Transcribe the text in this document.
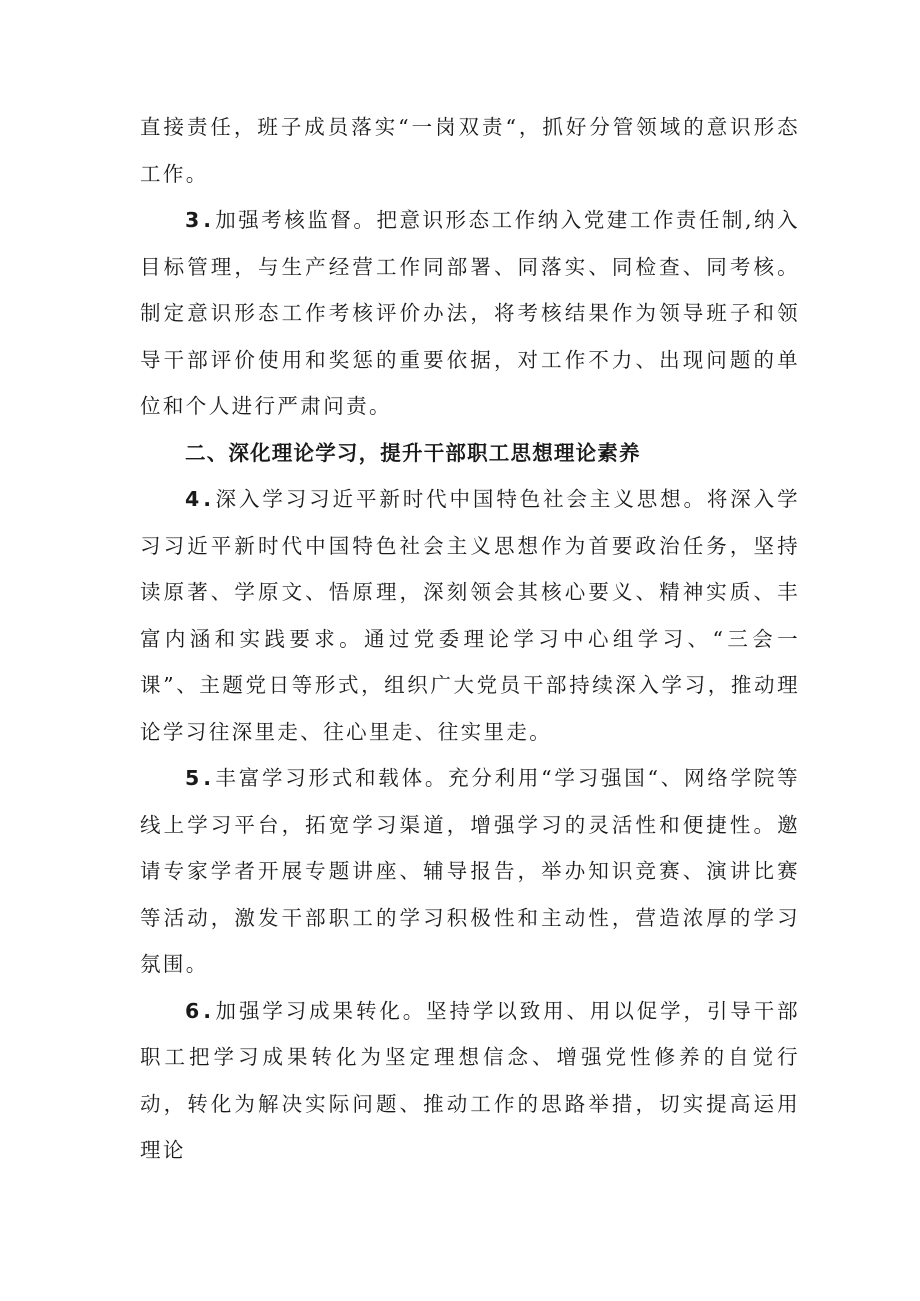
直接责任，班子成员落实“一岗双责“，抓好分管领域的意识形态工作。

3.加强考核监督。把意识形态工作纳入党建工作责任制,纳入目标管理，与生产经营工作同部署、同落实、同检查、同考核。制定意识形态工作考核评价办法，将考核结果作为领导班子和领导干部评价使用和奖惩的重要依据，对工作不力、出现问题的单位和个人进行严肃问责。

二、深化理论学习，提升干部职工思想理论素养

4.深入学习习近平新时代中国特色社会主义思想。将深入学习习近平新时代中国特色社会主义思想作为首要政治任务，坚持读原著、学原文、悟原理，深刻领会其核心要义、精神实质、丰富内涵和实践要求。通过党委理论学习中心组学习、“三会一课”、主题党日等形式，组织广大党员干部持续深入学习，推动理论学习往深里走、往心里走、往实里走。

5.丰富学习形式和载体。充分利用“学习强国“、网络学院等线上学习平台，拓宽学习渠道，增强学习的灵活性和便捷性。邀请专家学者开展专题讲座、辅导报告，举办知识竞赛、演讲比赛等活动，激发干部职工的学习积极性和主动性，营造浓厚的学习氛围。

6.加强学习成果转化。坚持学以致用、用以促学，引导干部职工把学习成果转化为坚定理想信念、增强党性修养的自觉行动，转化为解决实际问题、推动工作的思路举措，切实提高运用理论
